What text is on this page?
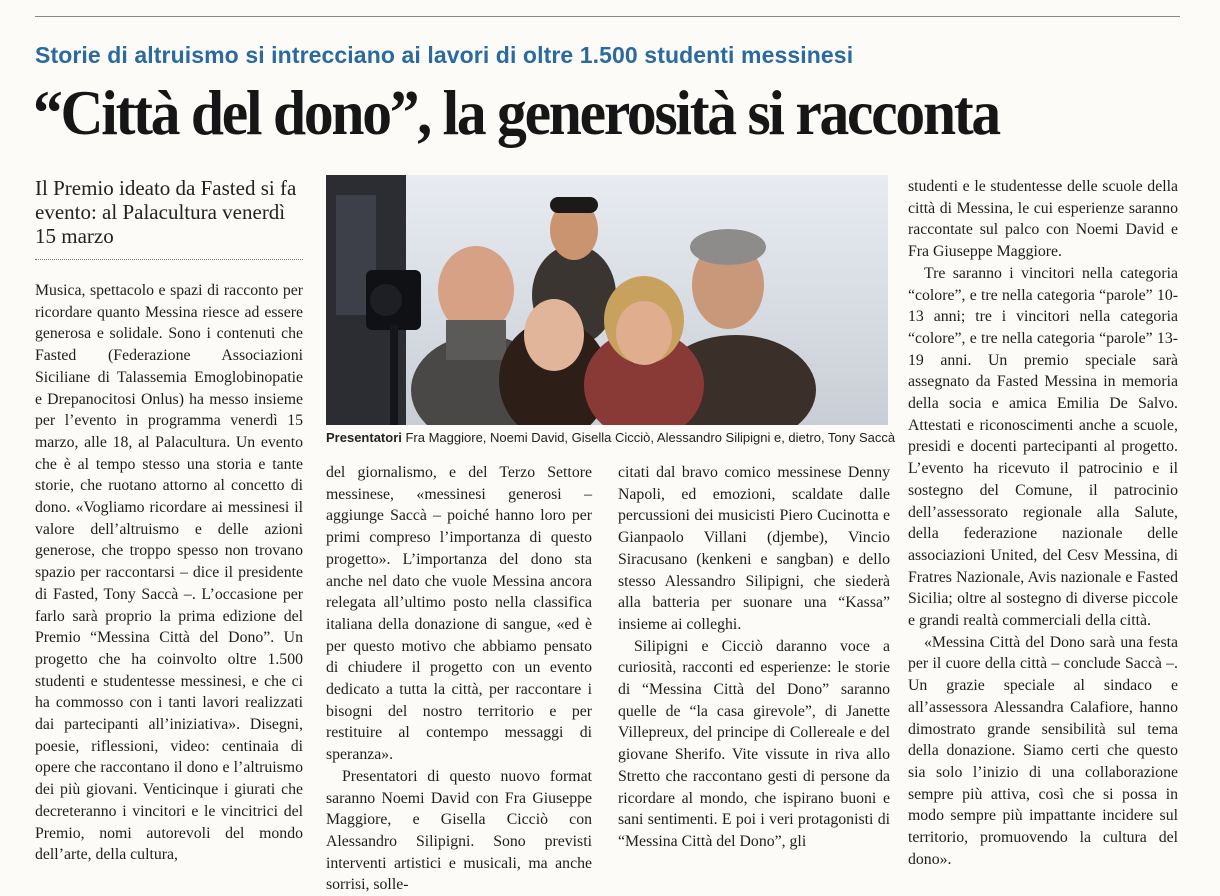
Storie di altruismo si intrecciano ai lavori di oltre 1.500 studenti messinesi
“Città del dono”, la generosità si racconta
Il Premio ideato da Fasted si fa evento: al Palacultura venerdì 15 marzo

Musica, spettacolo e spazi di racconto per ricordare quanto Messina riesce ad essere generosa e solidale. Sono i contenuti che Fasted (Federazione Associazioni Siciliane di Talassemia Emoglobinopatie e Drepanocitosi Onlus) ha messo insieme per l’evento in programma venerdì 15 marzo, alle 18, al Palacultura. Un evento che è al tempo stesso una storia e tante storie, che ruotano attorno al concetto di dono. «Vogliamo ricordare ai messinesi il valore dell’altruismo e delle azioni generose, che troppo spesso non trovano spazio per raccontarsi – dice il presidente di Fasted, Tony Saccà –. L’occasione per farlo sarà proprio la prima edizione del Premio “Messina Città del Dono”. Un progetto che ha coinvolto oltre 1.500 studenti e studentesse messinesi, e che ci ha commosso con i tanti lavori realizzati dai partecipanti all’iniziativa». Disegni, poesie, riflessioni, video: centinaia di opere che raccontano il dono e l’altruismo dei più giovani. Venticinque i giurati che decreteranno i vincitori e le vincitrici del Premio, nomi autorevoli del mondo dell’arte, della cultura,

Presentatori Fra Maggiore, Noemi David, Gisella Cicciò, Alessandro Silipigni e, dietro, Tony Saccà

del giornalismo, e del Terzo Settore messinese, «messinesi generosi – aggiunge Saccà – poiché hanno loro per primi compreso l’importanza di questo progetto». L’importanza del dono sta anche nel dato che vuole Messina ancora relegata all’ultimo posto nella classifica italiana della donazione di sangue, «ed è per questo motivo che abbiamo pensato di chiudere il progetto con un evento dedicato a tutta la città, per raccontare i bisogni del nostro territorio e per restituire al contempo messaggi di speranza».

Presentatori di questo nuovo format saranno Noemi David con Fra Giuseppe Maggiore, e Gisella Cicciò con Alessandro Silipigni. Sono previsti interventi artistici e musicali, ma anche sorrisi, solle-

citati dal bravo comico messinese Denny Napoli, ed emozioni, scaldate dalle percussioni dei musicisti Piero Cucinotta e Gianpaolo Villani (djembe), Vincio Siracusano (kenkeni e sangban) e dello stesso Alessandro Silipigni, che siederà alla batteria per suonare una “Kassa” insieme ai colleghi.

Silipigni e Cicciò daranno voce a curiosità, racconti ed esperienze: le storie di “Messina Città del Dono” saranno quelle de “la casa girevole”, di Janette Villepreux, del principe di Collereale e del giovane Sherifo. Vite vissute in riva allo Stretto che raccontano gesti di persone da ricordare al mondo, che ispirano buoni e sani sentimenti. E poi i veri protagonisti di “Messina Città del Dono”, gli

studenti e le studentesse delle scuole della città di Messina, le cui esperienze saranno raccontate sul palco con Noemi David e Fra Giuseppe Maggiore.

Tre saranno i vincitori nella categoria “colore”, e tre nella categoria “parole” 10-13 anni; tre i vincitori nella categoria “colore”, e tre nella categoria “parole” 13-19 anni. Un premio speciale sarà assegnato da Fasted Messina in memoria della socia e amica Emilia De Salvo. Attestati e riconoscimenti anche a scuole, presidi e docenti partecipanti al progetto. L’evento ha ricevuto il patrocinio e il sostegno del Comune, il patrocinio dell’assessorato regionale alla Salute, della federazione nazionale delle associazioni United, del Cesv Messina, di Fratres Nazionale, Avis nazionale e Fasted Sicilia; oltre al sostegno di diverse piccole e grandi realtà commerciali della città.

«Messina Città del Dono sarà una festa per il cuore della città – conclude Saccà –. Un grazie speciale al sindaco e all’assessora Alessandra Calafiore, hanno dimostrato grande sensibilità sul tema della donazione. Siamo certi che questo sia solo l’inizio di una collaborazione sempre più attiva, così che si possa in modo sempre più impattante incidere sul territorio, promuovendo la cultura del dono».
